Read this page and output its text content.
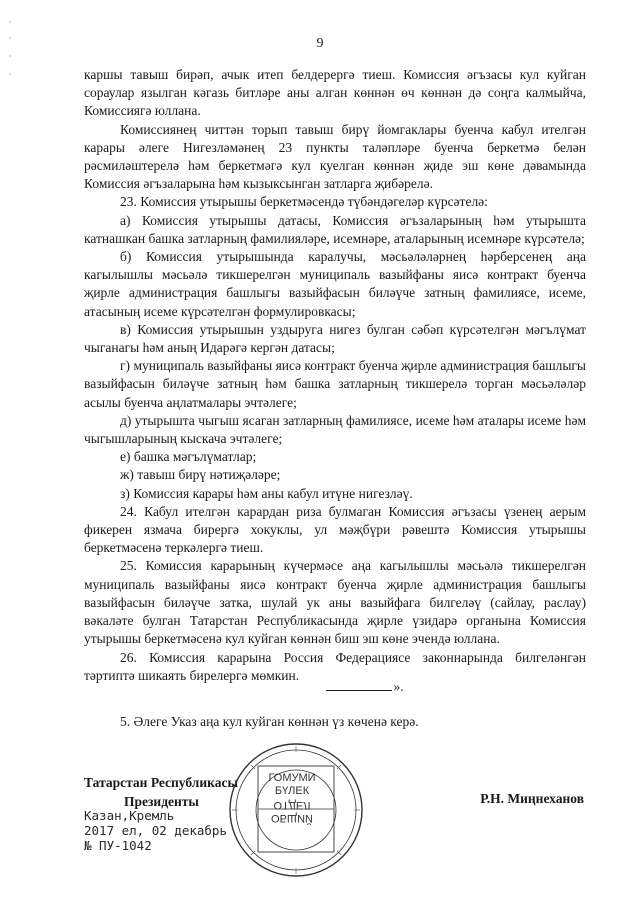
9

каршы тавыш бирәп, ачык итеп белдерергә тиеш. Комиссия әгъзасы кул куйган сораулар язылган кәгазь битләре аны алган көннән өч көннән дә соңга калмыйча, Комиссиягә юллана.

Комиссиянең читтән торып тавыш бирү йомгаклары буенча кабул ителгән карары әлеге Нигезләмәнең 23 пункты таләпләре буенча беркетмә белән рәсмиләштерелә һәм беркетмәгә кул куелган көннән җиде эш көне дәвамында Комиссия әгъзаларына һәм кызыксынган затларга җибәрелә.

23. Комиссия утырышы беркетмәсендә түбәндәгеләр күрсәтелә:

а) Комиссия утырышы датасы, Комиссия әгъзаларының һәм утырышта катнашкан башка затларның фамилияләре, исемнәре, аталарының исемнәре күрсәтелә;

б) Комиссия утырышында каралучы, мәсьәләләрнең һәрберсенең аңа кагылышлы мәсьәлә тикшерелгән муниципаль вазыйфаны яисә контракт буенча җирле администрация башлыгы вазыйфасын биләүче затның фамилиясе, исеме, атасының исеме күрсәтелгән формулировкасы;

в) Комиссия утырышын уздыруга нигез булган сәбәп күрсәтелгән мәгълүмат чыганагы һәм аның Идарәгә кергән датасы;

г) муниципаль вазыйфаны яисә контракт буенча җирле администрация башлыгы вазыйфасын биләүче затның һәм башка затларның тикшерелә торган мәсьәләләр асылы буенча аңлатмалары эчтәлеге;

д) утырышта чыгыш ясаган затларның фамилиясе, исеме һәм аталары исеме һәм чыгышларының кыскача эчтәлеге;

е) башка мәгълүматлар;

ж) тавыш бирү нәтиҗәләре;

з) Комиссия карары һәм аны кабул итүне нигезләү.

24. Кабул ителгән карардан риза булмаган Комиссия әгъзасы үзенең аерым фикерен язмача бирергә хокуклы, ул мәҗбүри рәвештә Комиссия утырышы беркетмәсенә теркәлергә тиеш.

25. Комиссия карарының күчермәсе аңа кагылышлы мәсьәлә тикшерелгән муниципаль вазыйфаны яисә контракт буенча җирле администрация башлыгы вазыйфасын биләүче затка, шулай ук аны вазыйфага билгеләү (сайлау, раслау) вәкаләте булган Татарстан Республикасында җирле үзидарә органына Комиссия утырышы беркетмәсенә кул куйган көннән биш эш көне эчендә юллана.

26. Комиссия карарына Россия Федерациясе законнарында билгеләнгән тәртиптә шикаять бирелергә мөмкин.

».
5. Әлеге Указ аңа кул куйган көннән үз көченә керә.
Татарстан Республикасы
Президенты	Р.Н. Миңнеханов
Казан,Кремль
2017 ел, 02 декабрь
№ ПУ-1042
ГОМУМИ
БҮЛЕК

ОТДЕЛ
ОБЩИЙ
